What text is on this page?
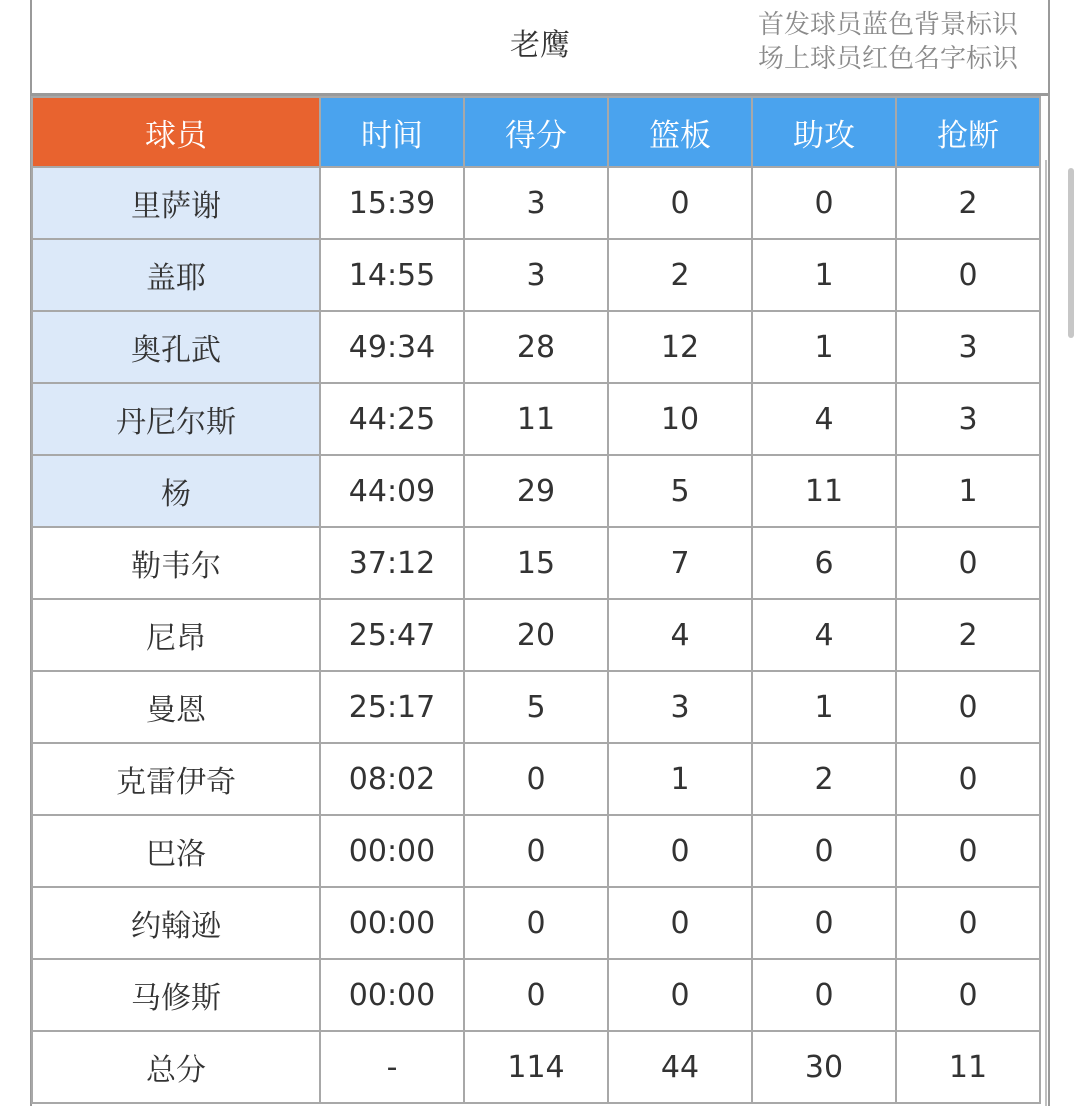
老鹰
首发球员蓝色背景标识
场上球员红色名字标识
球员	时间	得分	篮板	助攻	抢断
里萨谢	15:39	3	0	0	2
盖耶	14:55	3	2	1	0
奥孔武	49:34	28	12	1	3
丹尼尔斯	44:25	11	10	4	3
杨	44:09	29	5	11	1
勒韦尔	37:12	15	7	6	0
尼昂	25:47	20	4	4	2
曼恩	25:17	5	3	1	0
克雷伊奇	08:02	0	1	2	0
巴洛	00:00	0	0	0	0
约翰逊	00:00	0	0	0	0
马修斯	00:00	0	0	0	0
总分	-	114	44	30	11
